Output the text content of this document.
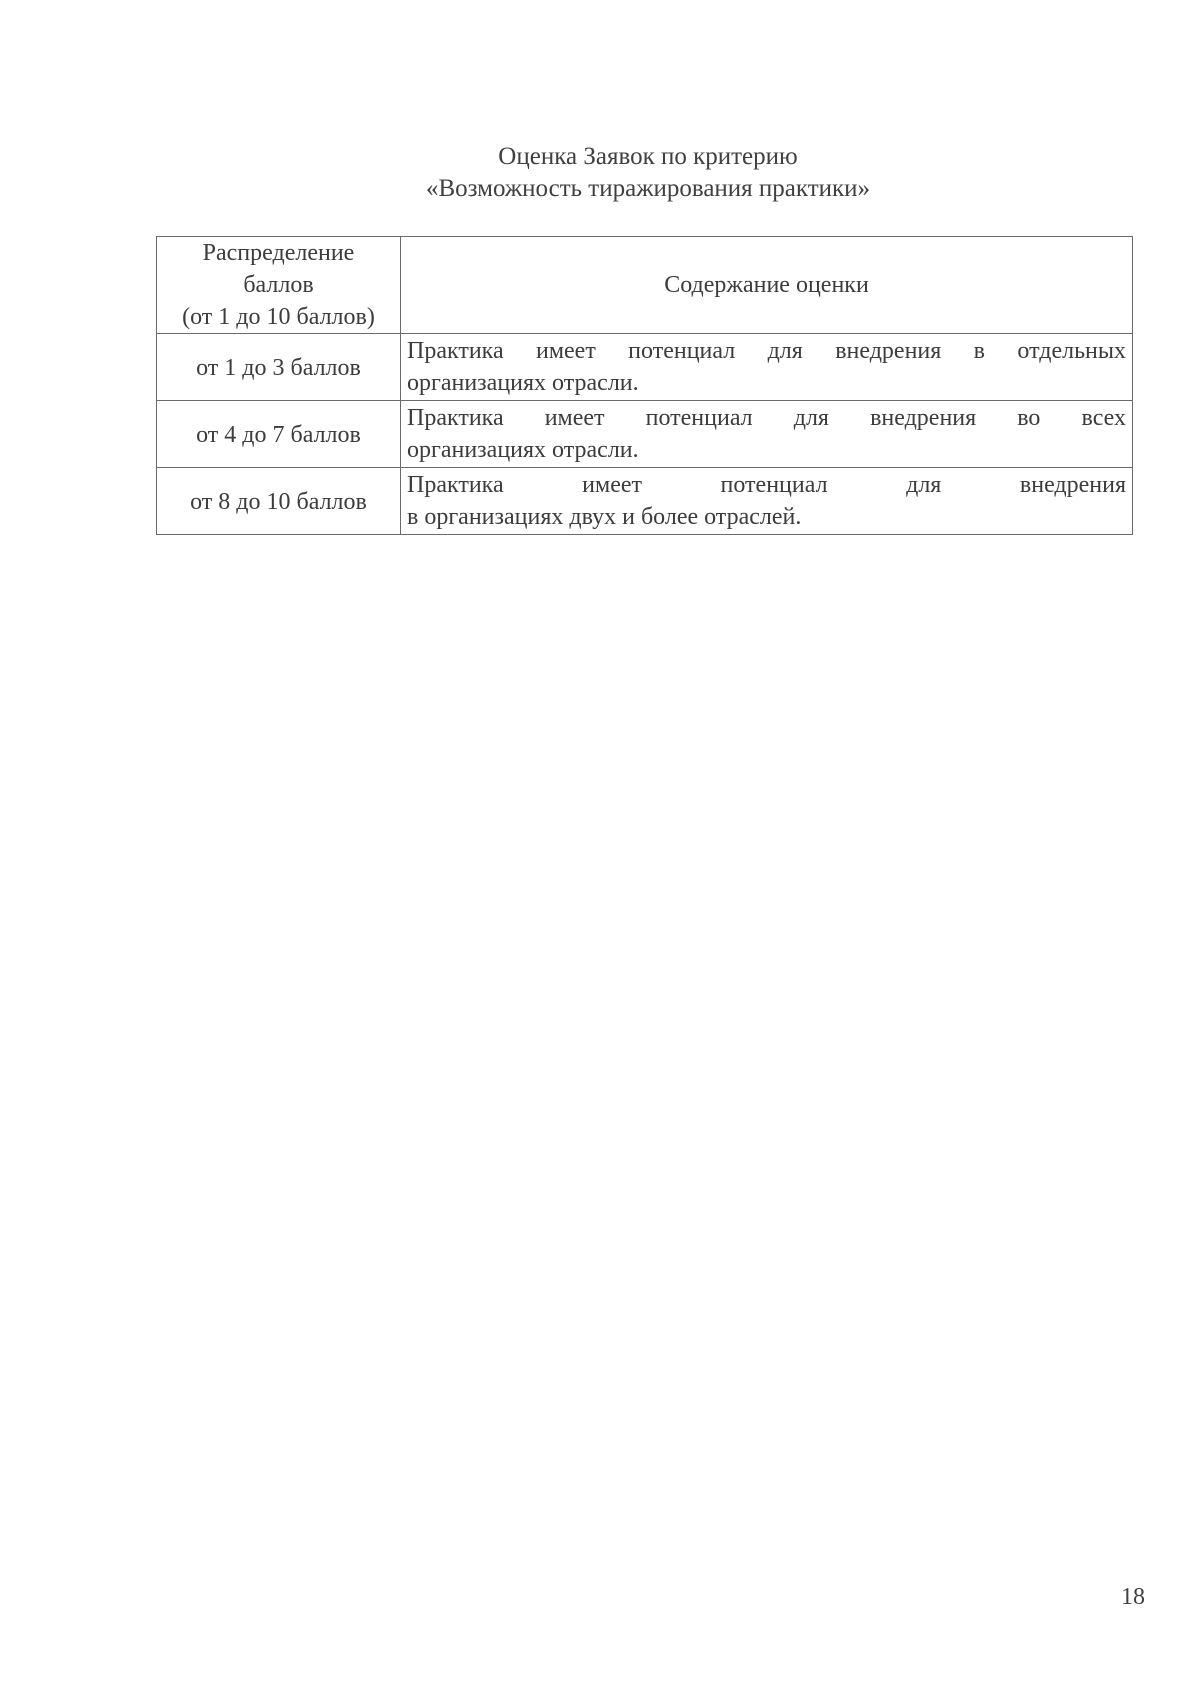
Оценка Заявок по критерию
«Возможность тиражирования практики»
Распределение
баллов
(от 1 до 10 баллов)	Содержание оценки
от 1 до 3 баллов	Практика имеет потенциал для внедрения в отдельных
организациях отрасли.

от 4 до 7 баллов	Практика имеет потенциал для внедрения во всех
организациях отрасли.

от 8 до 10 баллов	Практика имеет потенциал для внедрения
в организациях двух и более отраслей.
18
